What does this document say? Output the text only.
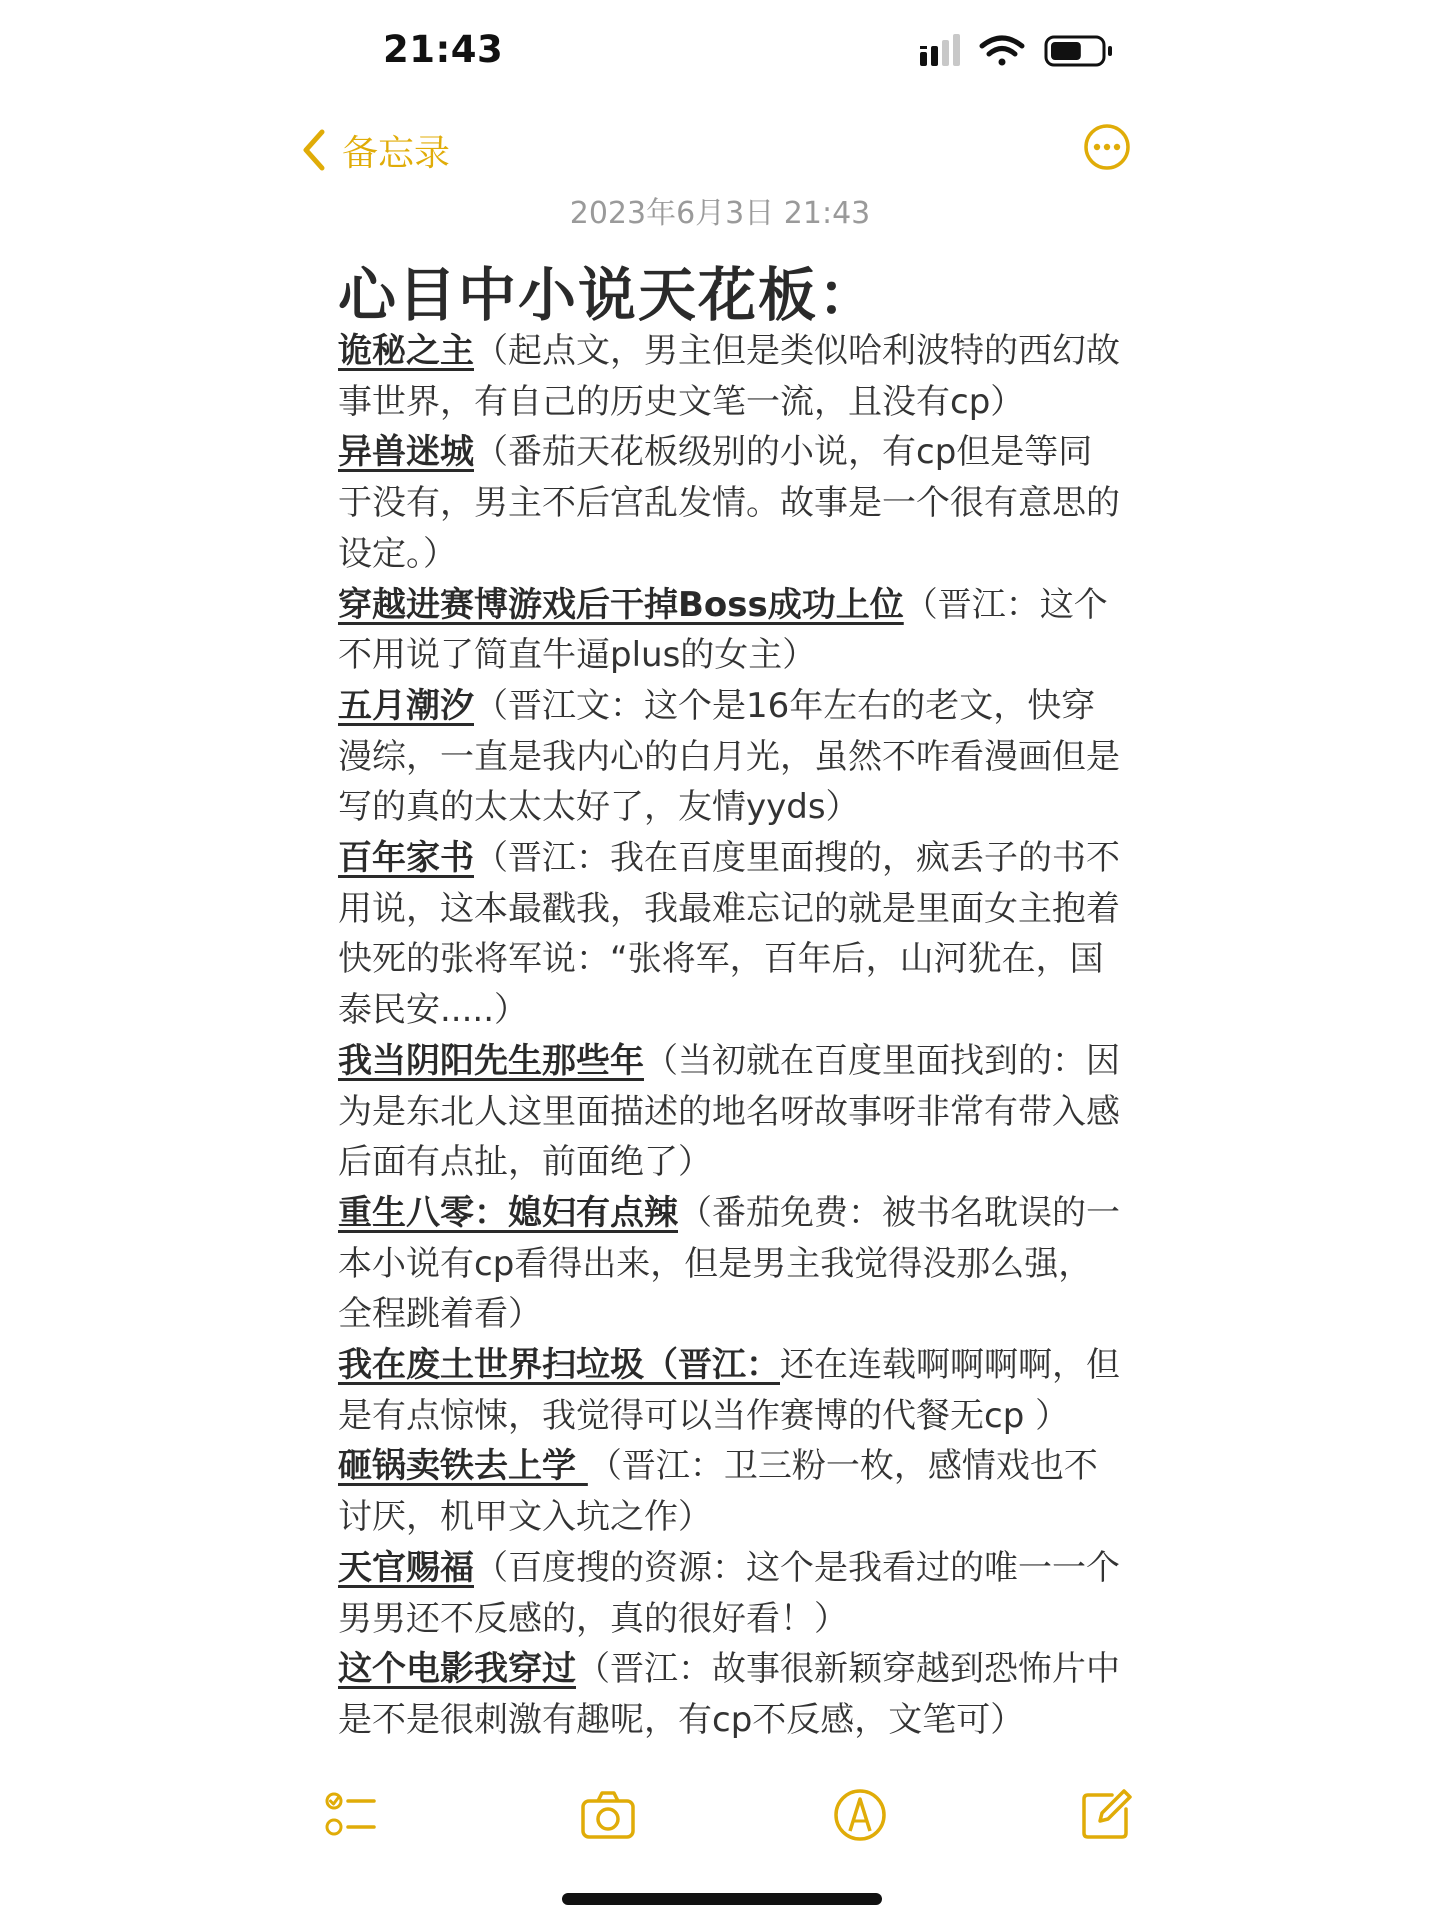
21:43
备忘录
2023年6月3日 21:43
心目中小说天花板：

诡秘之主（起点文，男主但是类似哈利波特的西幻故事世界，有自己的历史文笔一流，且没有cp）

异兽迷城（番茄天花板级别的小说，有cp但是等同于没有，男主不后宫乱发情。故事是一个很有意思的设定。）

穿越进赛博游戏后干掉Boss成功上位（晋江：这个不用说了简直牛逼plus的女主）

五月潮汐（晋江文：这个是16年左右的老文，快穿漫综，一直是我内心的白月光，虽然不咋看漫画但是写的真的太太太好了，友情yyds）

百年家书（晋江：我在百度里面搜的，疯丢子的书不用说，这本最戳我，我最难忘记的就是里面女主抱着快死的张将军说：“张将军，百年后，山河犹在，国泰民安.....）

我当阴阳先生那些年（当初就在百度里面找到的：因为是东北人这里面描述的地名呀故事呀非常有带入感后面有点扯，前面绝了）

重生八零：媳妇有点辣（番茄免费：被书名耽误的一本小说有cp看得出来，但是男主我觉得没那么强，全程跳着看）

我在废土世界扫垃圾（晋江：还在连载啊啊啊啊，但是有点惊悚，我觉得可以当作赛博的代餐无cp ）

砸锅卖铁去上学 （晋江：卫三粉一枚，感情戏也不讨厌，机甲文入坑之作）

天官赐福（百度搜的资源：这个是我看过的唯一一个男男还不反感的，真的很好看！）

这个电影我穿过（晋江：故事很新颖穿越到恐怖片中是不是很刺激有趣呢，有cp不反感，文笔可）
